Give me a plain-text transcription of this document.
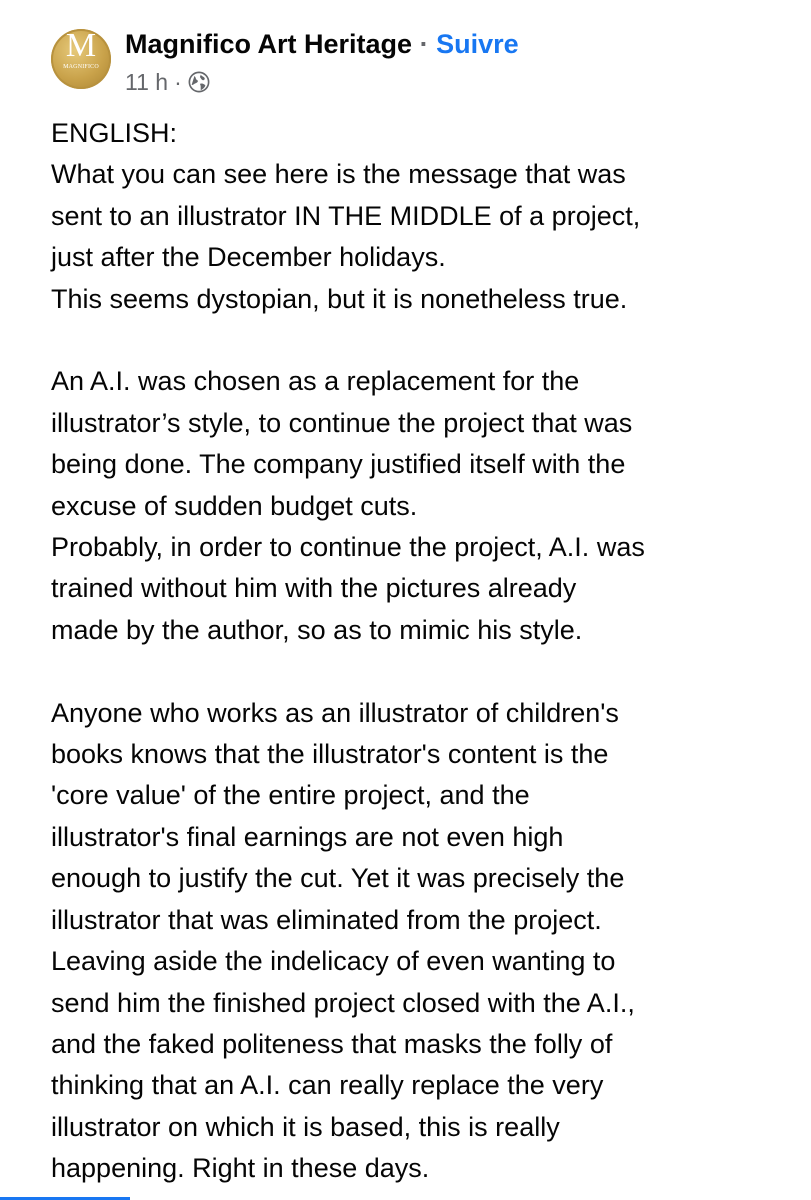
M
MAGNIFICO
Magnifico Art Heritage · Suivre
11 h ·

ENGLISH:

What you can see here is the message that was

sent to an illustrator IN THE MIDDLE of a project,

just after the December holidays.

This seems dystopian, but it is nonetheless true.

An A.I. was chosen as a replacement for the

illustrator’s style, to continue the project that was

being done. The company justified itself with the

excuse of sudden budget cuts.

Probably, in order to continue the project, A.I. was

trained without him with the pictures already

made by the author, so as to mimic his style.

Anyone who works as an illustrator of children's

books knows that the illustrator's content is the

'core value' of the entire project, and the

illustrator's final earnings are not even high

enough to justify the cut. Yet it was precisely the

illustrator that was eliminated from the project.

Leaving aside the indelicacy of even wanting to

send him the finished project closed with the A.I.,

and the faked politeness that masks the folly of

thinking that an A.I. can really replace the very

illustrator on which it is based, this is really

happening. Right in these days.
